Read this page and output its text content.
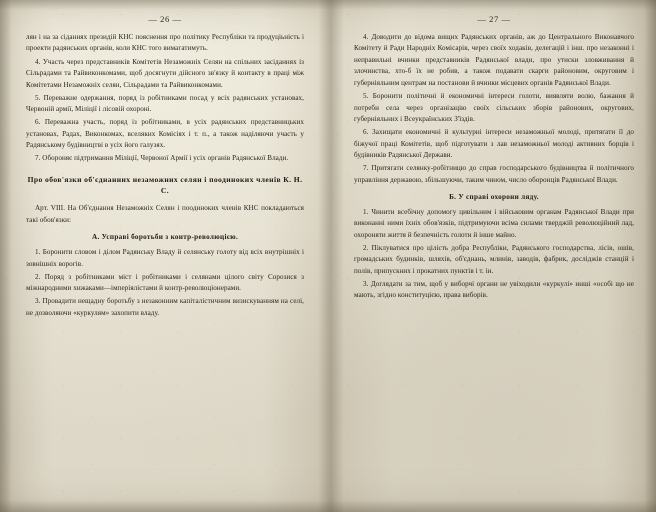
— 26 —

лян і на за сіданнях президій КНС пояснення про політику Республіки та продуціьність і проекти радянських органів, коли КНС того вимагатимуть.

4. Участь через представників Комітетів Незаможніх Селян на спільних засіданнях із Сільрадами та Райвиконкомами, щоб досягнути дійсного зв'язку й контакту в праці між Комітетами Незаможніх селян, Сільрадами та Райвиконкомами.

5. Переважне одержання, поряд із робітниками посад у всіх радянських установах, Червоній армії, Міліції і лісовій охороні.

6. Переважна участь, поряд із робітниками, в усіх радянських представницьких установах, Радах, Виконкомах, вселяких Комісіях і т. п., а також наділяючи участь у Радянському будівництві в усіх його галузях.

7. Обороняє підтримання Міліції, Червоної Армії і усіх органів Радянської Влади.

Про обов'язки об'єднанних незаможних селян і поодиноких членів К. Н. С.

Арт. VIII. На Об'єднання Незаможніх Селян і поодиноких членів КНС покладаються такі обов'язки:

А. Усправі боротьби з контр-революцією.

1. Боронити словом і ділом Радянську Владу й селянську голоту від всіх внутрішніх і зовнішніх ворогів.

2. Поряд з робітниками міст і робітниками і селянами цілого світу Сорозися з міжнародними хижаками—імперіялістами й контр-революціонерами.

3. Провадити нещадну боротьбу з незаконним капіталістичним визискуванням на селі, не дозволяючи «куркулям» захопити владу.

— 27 —

4. Доводити до відома вищих Радянських органів, аж до Центрального Виконавчого Комітету й Ради Народніх Комісарів, через своїх ходаків, делегацій і інш. про незаконні і неправильні вчинки представників Радянської влади, про утиски зловживання й злочинства, хто-б їх не робив, а також подавати скарги районовим, округовим і губерніяльним центрам на постанови й вчинки місцевих органів Радянської Влади.

5. Боронити політичні й економичні інтереси голоти, виявляти волю, бажання й потреби села через організацію своїх сільських зборів районових, округових, губерніяльних і Всеукраїнських З'їздів.

6. Захищати економичні й культурні інтереси незаможньої молоді, притягати її до біжучої праці Комітетів, щоб підготувати з лав незаможньої молоді активних борців і будівників Радянської Держави.

7. Притягати селянку-робітницю до справ господарського будівництва й політичного управління державою, збільшуючи, таким чином, число оборонців Радянської Влади.

Б. У справі охорони ляду.

1. Чинити всебічну допомогу цивільним і військовим органам Радянської Влади при виконанні ними їхніх обов'язків, підтримуючи всіма силами тверджій революційний лад, охороняти життя й безпечність голоти й інше майно.

2. Піклуватися про цілість добра Республіки, Радянського господарства, лісів, ошів, громадських будинків, шляхів, об'єднань, млинів, заводів, фабрик, досліджів станцій і полів, припускних і прокатних пунктів і т. ін.

3. Доглядати за тим, щоб у виборчі органи не увіходили «куркулі» инші «особі що не мають, згідно конституцією, права виборів.
